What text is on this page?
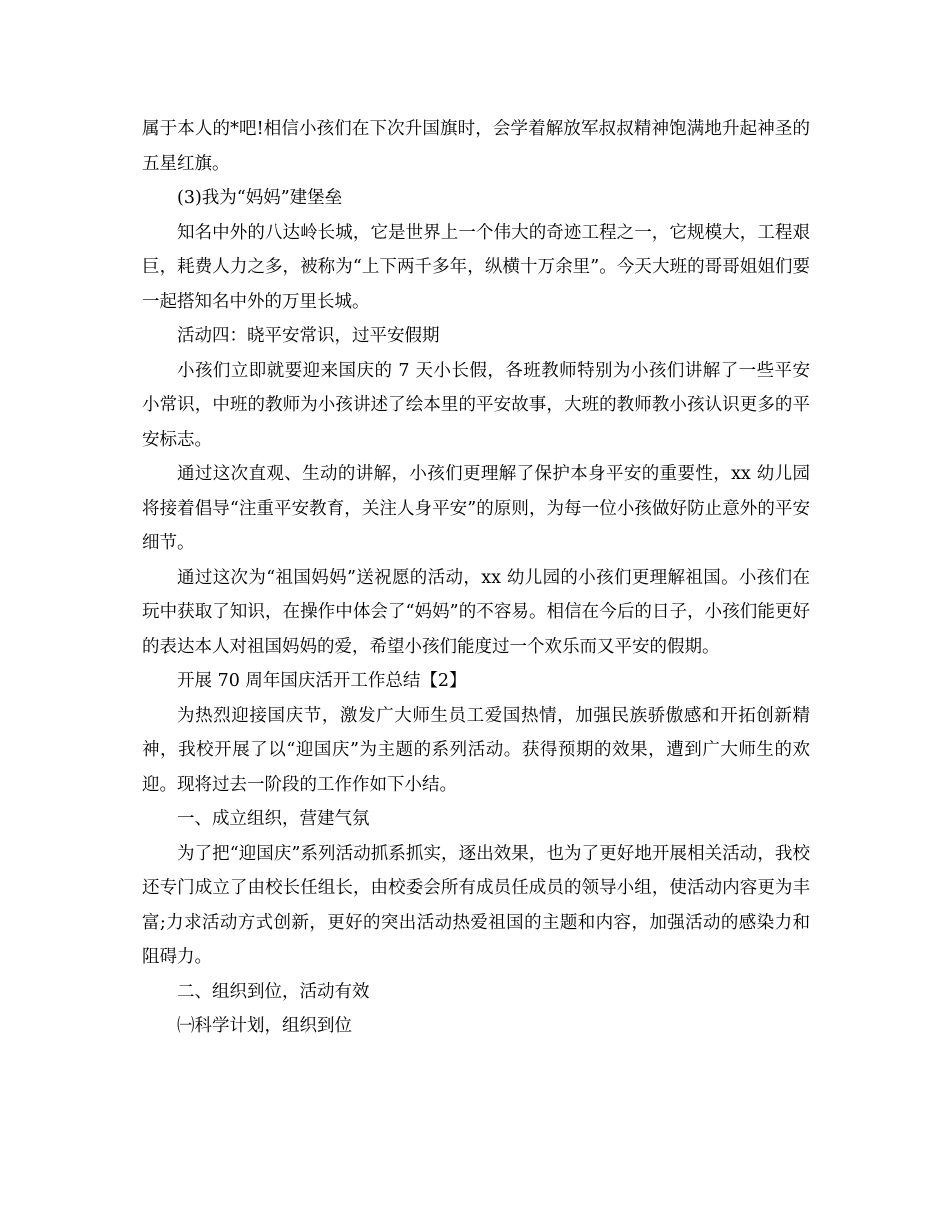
属于本人的*吧!相信小孩们在下次升国旗时，会学着解放军叔叔精神饱满地升起神圣的五星红旗。

(3)我为“妈妈”建堡垒

知名中外的八达岭长城，它是世界上一个伟大的奇迹工程之一，它规模大，工程艰巨，耗费人力之多，被称为“上下两千多年，纵横十万余里”。今天大班的哥哥姐姐们要一起搭知名中外的万里长城。

活动四：晓平安常识，过平安假期

小孩们立即就要迎来国庆的 7 天小长假，各班教师特别为小孩们讲解了一些平安小常识，中班的教师为小孩讲述了绘本里的平安故事，大班的教师教小孩认识更多的平安标志。

通过这次直观、生动的讲解，小孩们更理解了保护本身平安的重要性，xx 幼儿园将接着倡导“注重平安教育，关注人身平安”的原则，为每一位小孩做好防止意外的平安细节。

通过这次为“祖国妈妈”送祝愿的活动，xx 幼儿园的小孩们更理解祖国。小孩们在玩中获取了知识，在操作中体会了“妈妈”的不容易。相信在今后的日子，小孩们能更好的表达本人对祖国妈妈的爱，希望小孩们能度过一个欢乐而又平安的假期。

开展 70 周年国庆活开工作总结【2】

为热烈迎接国庆节，激发广大师生员工爱国热情，加强民族骄傲感和开拓创新精神，我校开展了以“迎国庆”为主题的系列活动。获得预期的效果，遭到广大师生的欢迎。现将过去一阶段的工作作如下小结。

一、成立组织，营建气氛

为了把“迎国庆”系列活动抓系抓实，逐出效果，也为了更好地开展相关活动，我校还专门成立了由校长任组长，由校委会所有成员任成员的领导小组，使活动内容更为丰富;力求活动方式创新，更好的突出活动热爱祖国的主题和内容，加强活动的感染力和阻碍力。

二、组织到位，活动有效

㈠科学计划，组织到位
